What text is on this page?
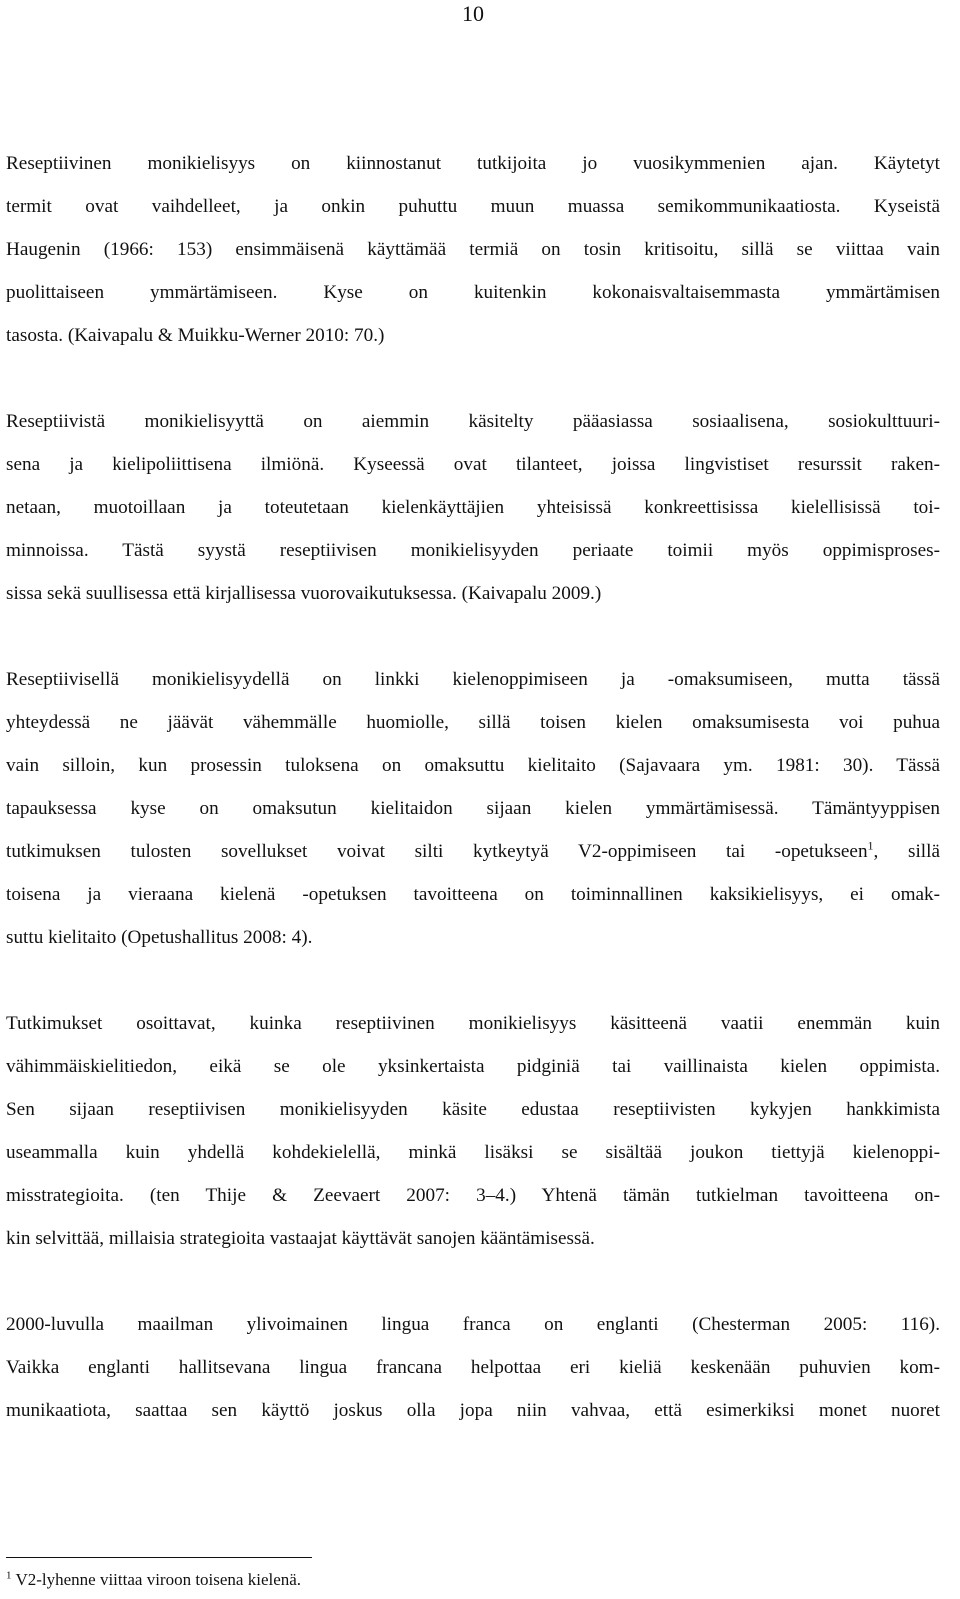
10

Reseptiivinen monikielisyys on kiinnostanut tutkijoita jo vuosikymmenien ajan. Käytetyt
termit ovat vaihdelleet, ja onkin puhuttu muun muassa semikommunikaatiosta. Kyseistä
Haugenin (1966: 153) ensimmäisenä käyttämää termiä on tosin kritisoitu, sillä se viittaa vain
puolittaiseen ymmärtämiseen. Kyse on kuitenkin kokonaisvaltaisemmasta ymmärtämisen
tasosta. (Kaivapalu & Muikku-Werner 2010: 70.)

Reseptiivistä monikielisyyttä on aiemmin käsitelty pääasiassa sosiaalisena, sosiokulttuuri-
sena ja kielipoliittisena ilmiönä. Kyseessä ovat tilanteet, joissa lingvistiset resurssit raken-
netaan, muotoillaan ja toteutetaan kielenkäyttäjien yhteisissä konkreettisissa kielellisissä toi-
minnoissa. Tästä syystä reseptiivisen monikielisyyden periaate toimii myös oppimisproses-
sissa sekä suullisessa että kirjallisessa vuorovaikutuksessa. (Kaivapalu 2009.)

Reseptiivisellä monikielisyydellä on linkki kielenoppimiseen ja -omaksumiseen, mutta tässä
yhteydessä ne jäävät vähemmälle huomiolle, sillä toisen kielen omaksumisesta voi puhua
vain silloin, kun prosessin tuloksena on omaksuttu kielitaito (Sajavaara ym. 1981: 30). Tässä
tapauksessa kyse on omaksutun kielitaidon sijaan kielen ymmärtämisessä. Tämäntyyppisen
tutkimuksen tulosten sovellukset voivat silti kytkeytyä V2-oppimiseen tai -opetukseen$^1$, sillä
toisena ja vieraana kielenä -opetuksen tavoitteena on toiminnallinen kaksikielisyys, ei omak-
suttu kielitaito (Opetushallitus 2008: 4).

Tutkimukset osoittavat, kuinka reseptiivinen monikielisyys käsitteenä vaatii enemmän kuin
vähimmäiskielitiedon, eikä se ole yksinkertaista pidginiä tai vaillinaista kielen oppimista.
Sen sijaan reseptiivisen monikielisyyden käsite edustaa reseptiivisten kykyjen hankkimista
useammalla kuin yhdellä kohdekielellä, minkä lisäksi se sisältää joukon tiettyjä kielenoppi-
misstrategioita. (ten Thije & Zeevaert 2007: 3–4.) Yhtenä tämän tutkielman tavoitteena on-
kin selvittää, millaisia strategioita vastaajat käyttävät sanojen kääntämisessä.

2000-luvulla maailman ylivoimainen lingua franca on englanti (Chesterman 2005: 116).
Vaikka englanti hallitsevana lingua francana helpottaa eri kieliä keskenään puhuvien kom-
munikaatiota, saattaa sen käyttö joskus olla jopa niin vahvaa, että esimerkiksi monet nuoret

$^1$ V2-lyhenne viittaa viroon toisena kielenä.
